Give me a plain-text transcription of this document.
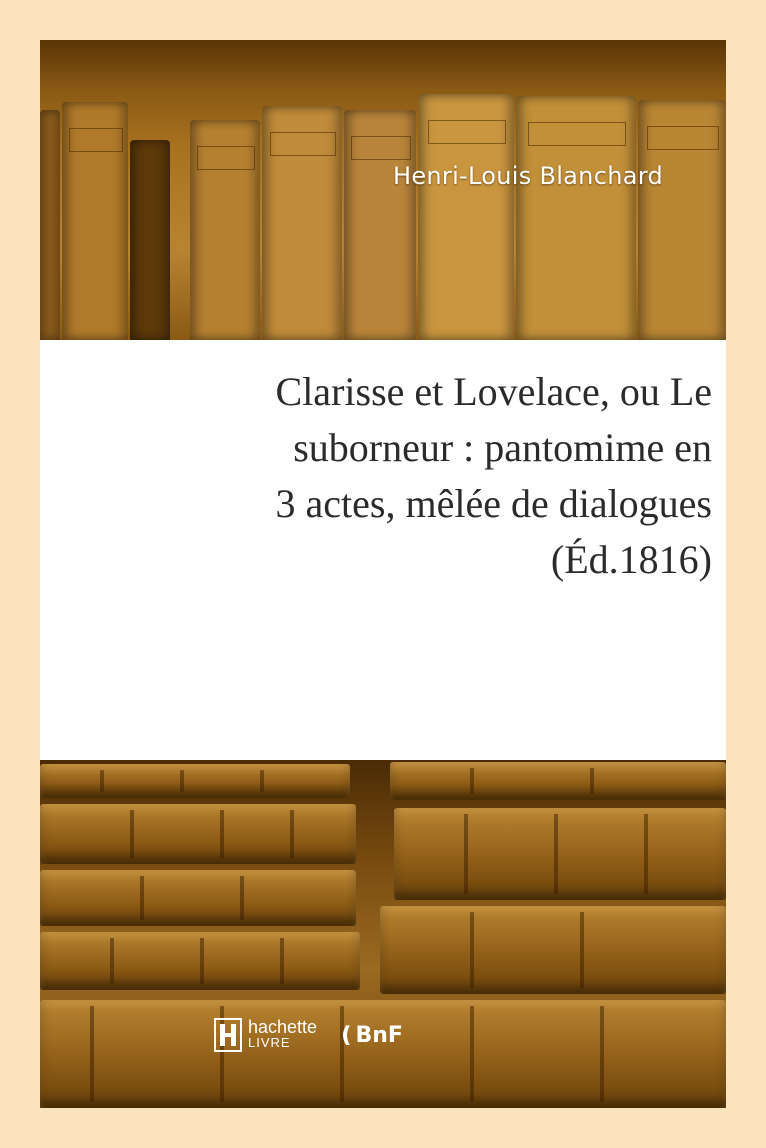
Henri-Louis Blanchard
Clarisse et Lovelace, ou Le
suborneur : pantomime en
3 actes, mêlée de dialogues
(Éd.1816)
hachette
LIVRE	❪BnF
